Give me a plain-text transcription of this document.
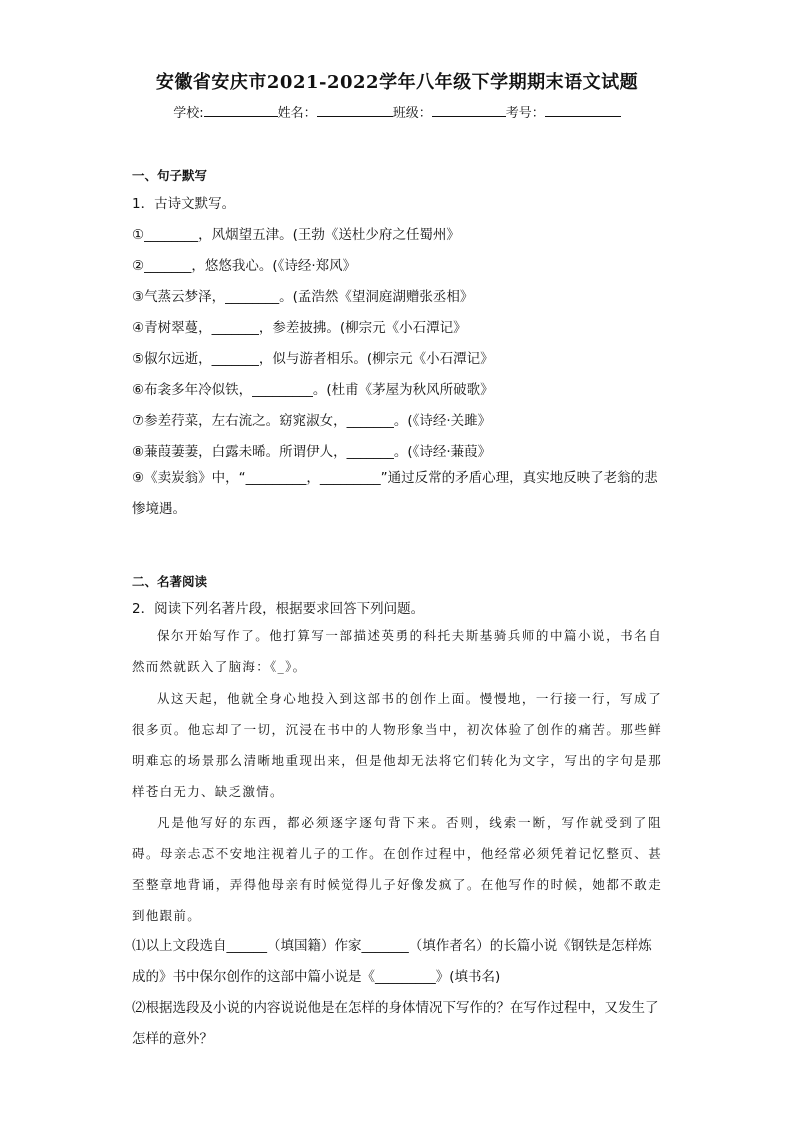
安徽省安庆市2021-2022学年八年级下学期期末语文试题
学校:	姓名：	班级：	考号：
一、句子默写
1．古诗文默写。
①________，风烟望五津。(王勃《送杜少府之任蜀州》
②_______，悠悠我心。(《诗经·郑风》
③气蒸云梦泽，________。(孟浩然《望洞庭湖赠张丞相》
④青树翠蔓，_______，参差披拂。(柳宗元《小石潭记》
⑤俶尔远逝，_______，似与游者相乐。(柳宗元《小石潭记》
⑥布衾多年冷似铁，_________。(杜甫《茅屋为秋风所破歌》
⑦参差荇菜，左右流之。窈窕淑女，_______。(《诗经·关雎》
⑧蒹葭萋萋，白露未晞。所谓伊人，_______。(《诗经·蒹葭》
⑨《卖炭翁》中，“_________，_________”通过反常的矛盾心理，真实地反映了老翁的悲惨境遇。
二、名著阅读
2．阅读下列名著片段，根据要求回答下列问题。
保尔开始写作了。他打算写一部描述英勇的科托夫斯基骑兵师的中篇小说，书名自然而然就跃入了脑海：《_》。
从这天起，他就全身心地投入到这部书的创作上面。慢慢地，一行接一行，写成了很多页。他忘却了一切，沉浸在书中的人物形象当中，初次体验了创作的痛苦。那些鲜明难忘的场景那么清晰地重现出来，但是他却无法将它们转化为文字，写出的字句是那样苍白无力、缺乏激情。
凡是他写好的东西，都必须逐字逐句背下来。否则，线索一断，写作就受到了阻碍。母亲忐忑不安地注视着儿子的工作。在创作过程中，他经常必须凭着记忆整页、甚至整章地背诵，弄得他母亲有时候觉得儿子好像发疯了。在他写作的时候，她都不敢走到他跟前。
⑴以上文段选自______（填国籍）作家_______（填作者名）的长篇小说《钢铁是怎样炼成的》书中保尔创作的这部中篇小说是《_________》(填书名)
⑵根据选段及小说的内容说说他是在怎样的身体情况下写作的？在写作过程中，又发生了怎样的意外？
